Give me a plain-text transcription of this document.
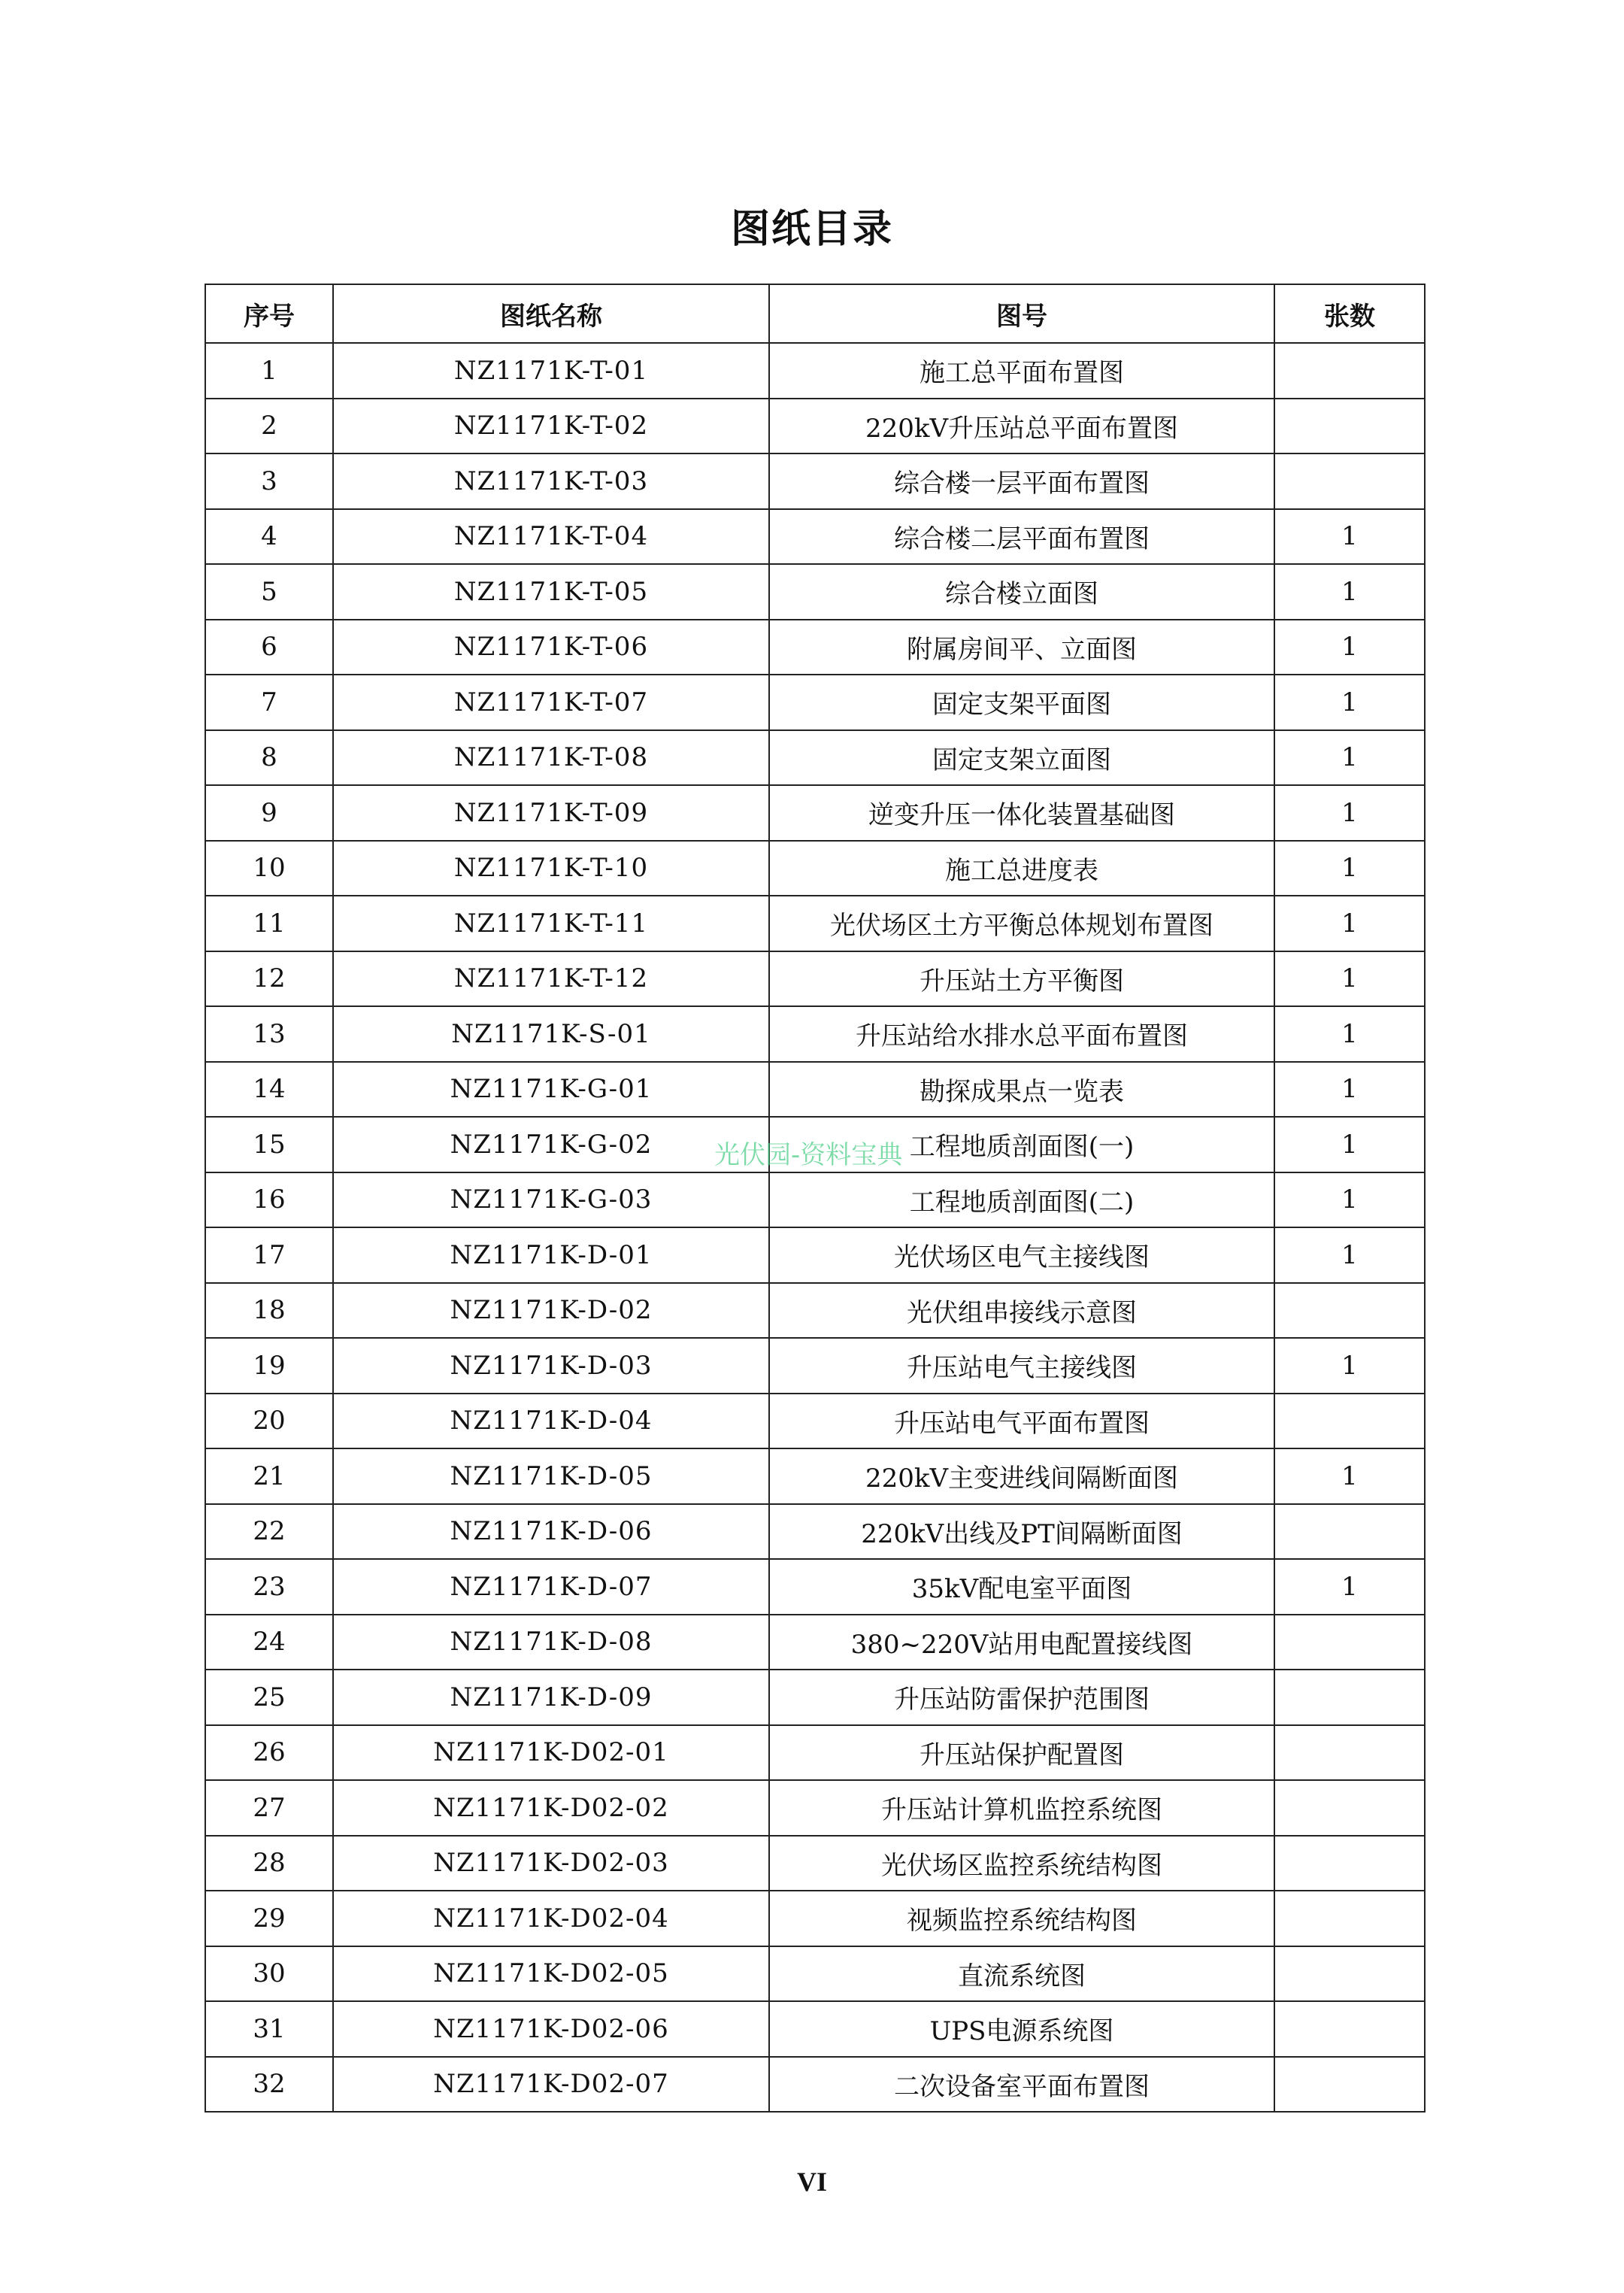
图纸目录
序号	图纸名称	图号	张数
1	NZ1171K-T-01	施工总平面布置图	
2	NZ1171K-T-02	220kV升压站总平面布置图	
3	NZ1171K-T-03	综合楼一层平面布置图	
4	NZ1171K-T-04	综合楼二层平面布置图	1
5	NZ1171K-T-05	综合楼立面图	1
6	NZ1171K-T-06	附属房间平、立面图	1
7	NZ1171K-T-07	固定支架平面图	1
8	NZ1171K-T-08	固定支架立面图	1
9	NZ1171K-T-09	逆变升压一体化装置基础图	1
10	NZ1171K-T-10	施工总进度表	1
11	NZ1171K-T-11	光伏场区土方平衡总体规划布置图	1
12	NZ1171K-T-12	升压站土方平衡图	1
13	NZ1171K-S-01	升压站给水排水总平面布置图	1
14	NZ1171K-G-01	勘探成果点一览表	1
15	NZ1171K-G-02	工程地质剖面图(一)	1
16	NZ1171K-G-03	工程地质剖面图(二)	1
17	NZ1171K-D-01	光伏场区电气主接线图	1
18	NZ1171K-D-02	光伏组串接线示意图	
19	NZ1171K-D-03	升压站电气主接线图	1
20	NZ1171K-D-04	升压站电气平面布置图	
21	NZ1171K-D-05	220kV主变进线间隔断面图	1
22	NZ1171K-D-06	220kV出线及PT间隔断面图	
23	NZ1171K-D-07	35kV配电室平面图	1
24	NZ1171K-D-08	380~220V站用电配置接线图	
25	NZ1171K-D-09	升压站防雷保护范围图	
26	NZ1171K-D02-01	升压站保护配置图	
27	NZ1171K-D02-02	升压站计算机监控系统图	
28	NZ1171K-D02-03	光伏场区监控系统结构图	
29	NZ1171K-D02-04	视频监控系统结构图	
30	NZ1171K-D02-05	直流系统图	
31	NZ1171K-D02-06	UPS电源系统图	
32	NZ1171K-D02-07	二次设备室平面布置图	
光伏园-资料宝典
VI
